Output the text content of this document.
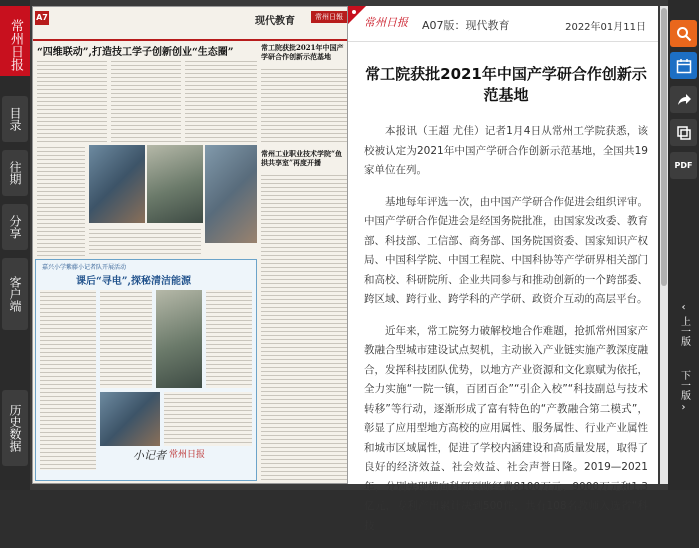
常州日报
目录
往期
分享
客户端
历史数据
A7	现代教育	常州日報
“四维联动”,打造技工学子创新创业“生态圈”	常工院获批2021年中国产学研合作创新示范基地
常州工业职业技术学院“鱼拱共享室”再度开播
嘉兴小学紫藤小记者队开展活动
课后“寻电”,探秘清洁能源
小记者 常州日报
常州日报 A07版：现代教育	2022年01月11日
常工院获批2021年中国产学研合作创新示范基地

本报讯（王超 尤佳）记者1月4日从常州工学院获悉，该校被认定为2021年中国产学研合作创新示范基地，全国共19家单位在列。

基地每年评选一次，由中国产学研合作促进会组织评审。中国产学研合作促进会是经国务院批准，由国家发改委、教育部、科技部、工信部、商务部、国务院国资委、国家知识产权局、中国科学院、中国工程院、中国科协等产学研界相关部门和高校、科研院所、企业共同参与和推动创新的一个跨部委、跨区域、跨行业、跨学科的产学研、政资介互动的高层平台。

近年来，常工院努力破解校地合作难题，抢抓常州国家产教融合型城市建设试点契机，主动嵌入产业链实施产教深度融合，发挥科技团队优势，以地方产业资源和文化禀赋为依托，全力实施“一院一镇，百团百企”“引企入校”“科技副总与技术转移”等行动，逐渐形成了富有特色的“产教融合第二模式”，彰显了应用型地方高校的应用属性、服务属性、行业产业属性和城市区域属性，促进了学校内涵建设和高质量发展，取得了良好的经济效益、社会效益、社会声誉日隆。2019—2021年，分别实现横向科研到账经费8100万元、9000万元和1.3亿元，专利产出累计决到500件，共有108名教师入选省“科技

PDF
‹
上一版
下一版
›
